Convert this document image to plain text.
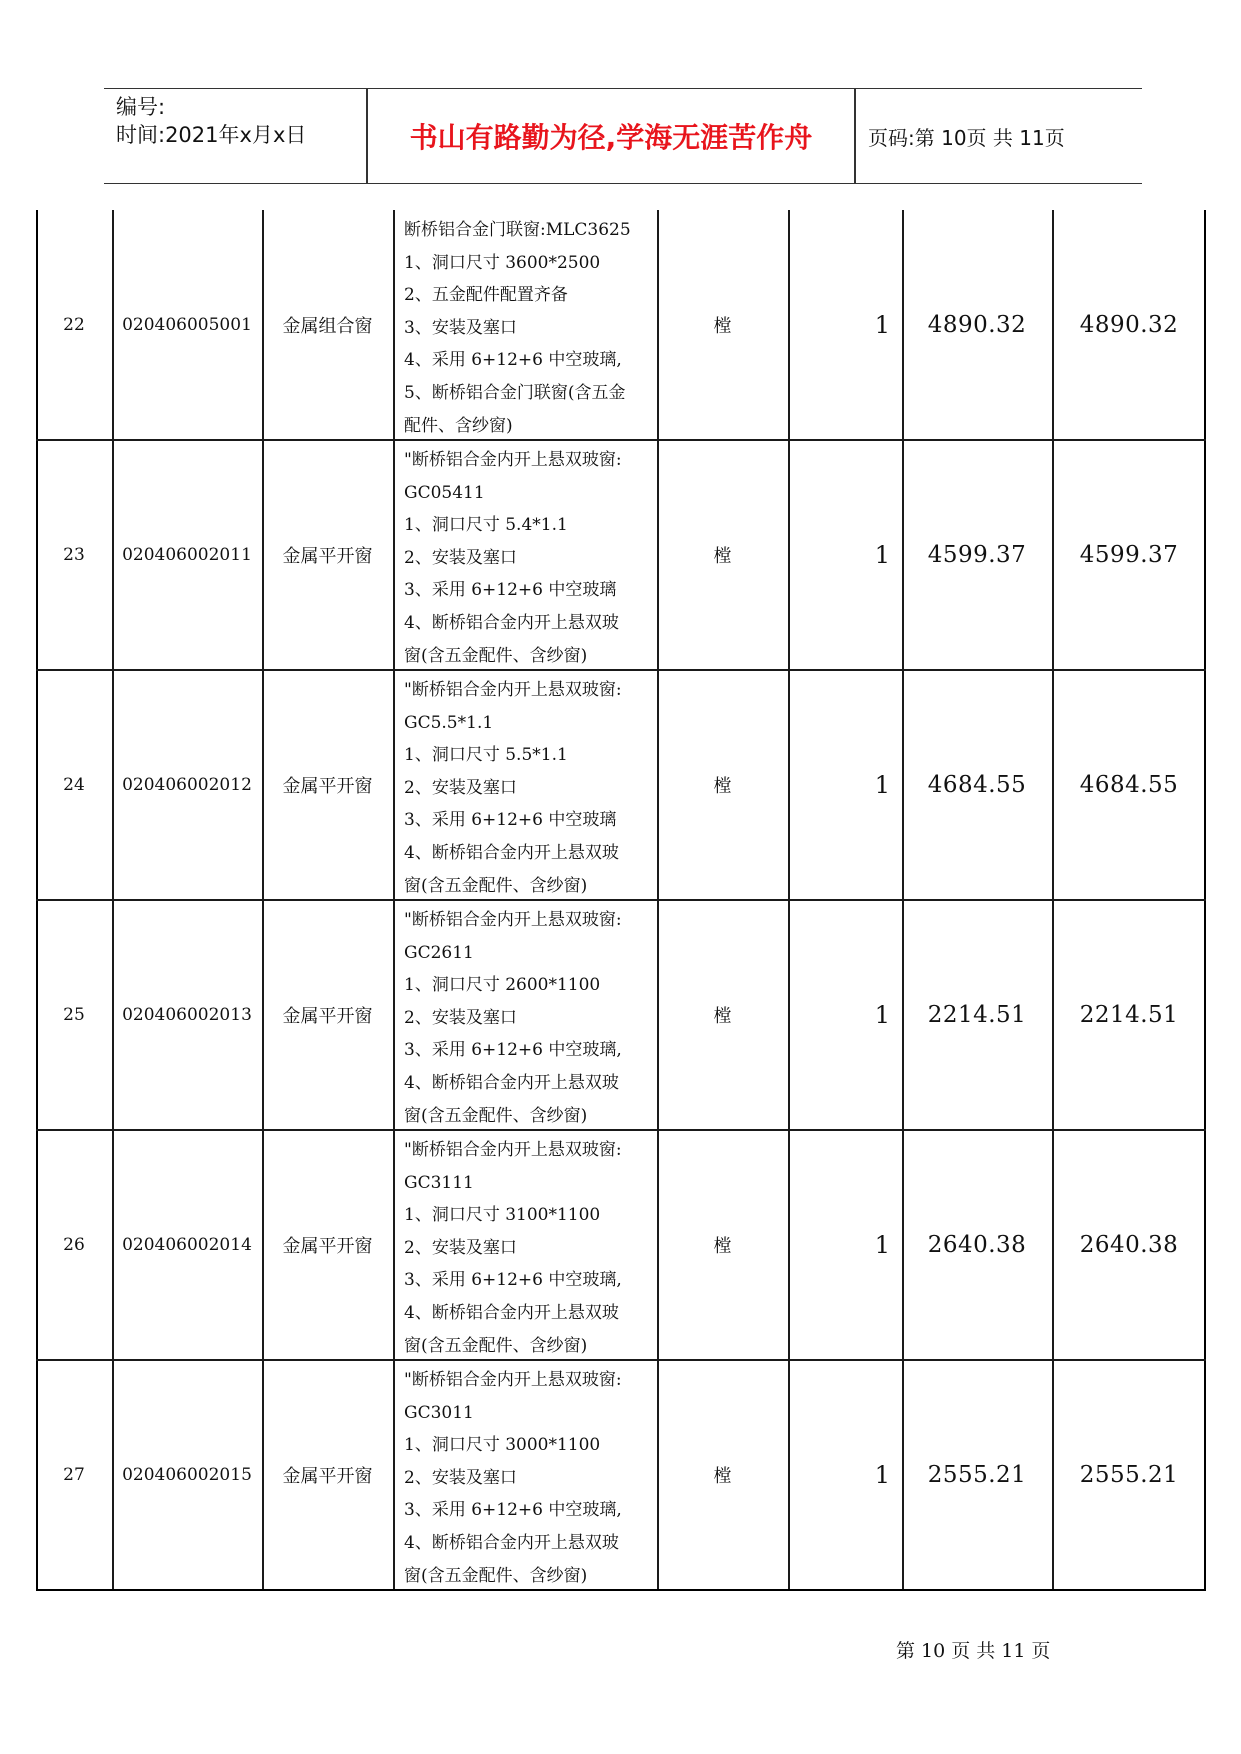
编号:
时间:2021年x月x日	书山有路勤为径,学海无涯苦作舟	页码:第 10页 共 11页
22	020406005001	金属组合窗
断桥铝合金门联窗:MLC3625
1、洞口尺寸 3600*2500
2、五金配件配置齐备
3、安装及塞口
4、采用 6+12+6 中空玻璃,
5、断桥铝合金门联窗(含五金
配件、含纱窗)
樘	1	4890.32	4890.32
23	020406002011	金属平开窗
"断桥铝合金内开上悬双玻窗:
GC05411
1、洞口尺寸 5.4*1.1
2、安装及塞口
3、采用 6+12+6 中空玻璃
4、断桥铝合金内开上悬双玻
窗(含五金配件、含纱窗)
樘	1	4599.37	4599.37
24	020406002012	金属平开窗
"断桥铝合金内开上悬双玻窗:
GC5.5*1.1
1、洞口尺寸 5.5*1.1
2、安装及塞口
3、采用 6+12+6 中空玻璃
4、断桥铝合金内开上悬双玻
窗(含五金配件、含纱窗)
樘	1	4684.55	4684.55
25	020406002013	金属平开窗
"断桥铝合金内开上悬双玻窗:
GC2611
1、洞口尺寸 2600*1100
2、安装及塞口
3、采用 6+12+6 中空玻璃,
4、断桥铝合金内开上悬双玻
窗(含五金配件、含纱窗)
樘	1	2214.51	2214.51
26	020406002014	金属平开窗
"断桥铝合金内开上悬双玻窗:
GC3111
1、洞口尺寸 3100*1100
2、安装及塞口
3、采用 6+12+6 中空玻璃,
4、断桥铝合金内开上悬双玻
窗(含五金配件、含纱窗)
樘	1	2640.38	2640.38
27	020406002015	金属平开窗
"断桥铝合金内开上悬双玻窗:
GC3011
1、洞口尺寸 3000*1100
2、安装及塞口
3、采用 6+12+6 中空玻璃,
4、断桥铝合金内开上悬双玻
窗(含五金配件、含纱窗)
樘	1	2555.21	2555.21
第 10 页 共 11 页
